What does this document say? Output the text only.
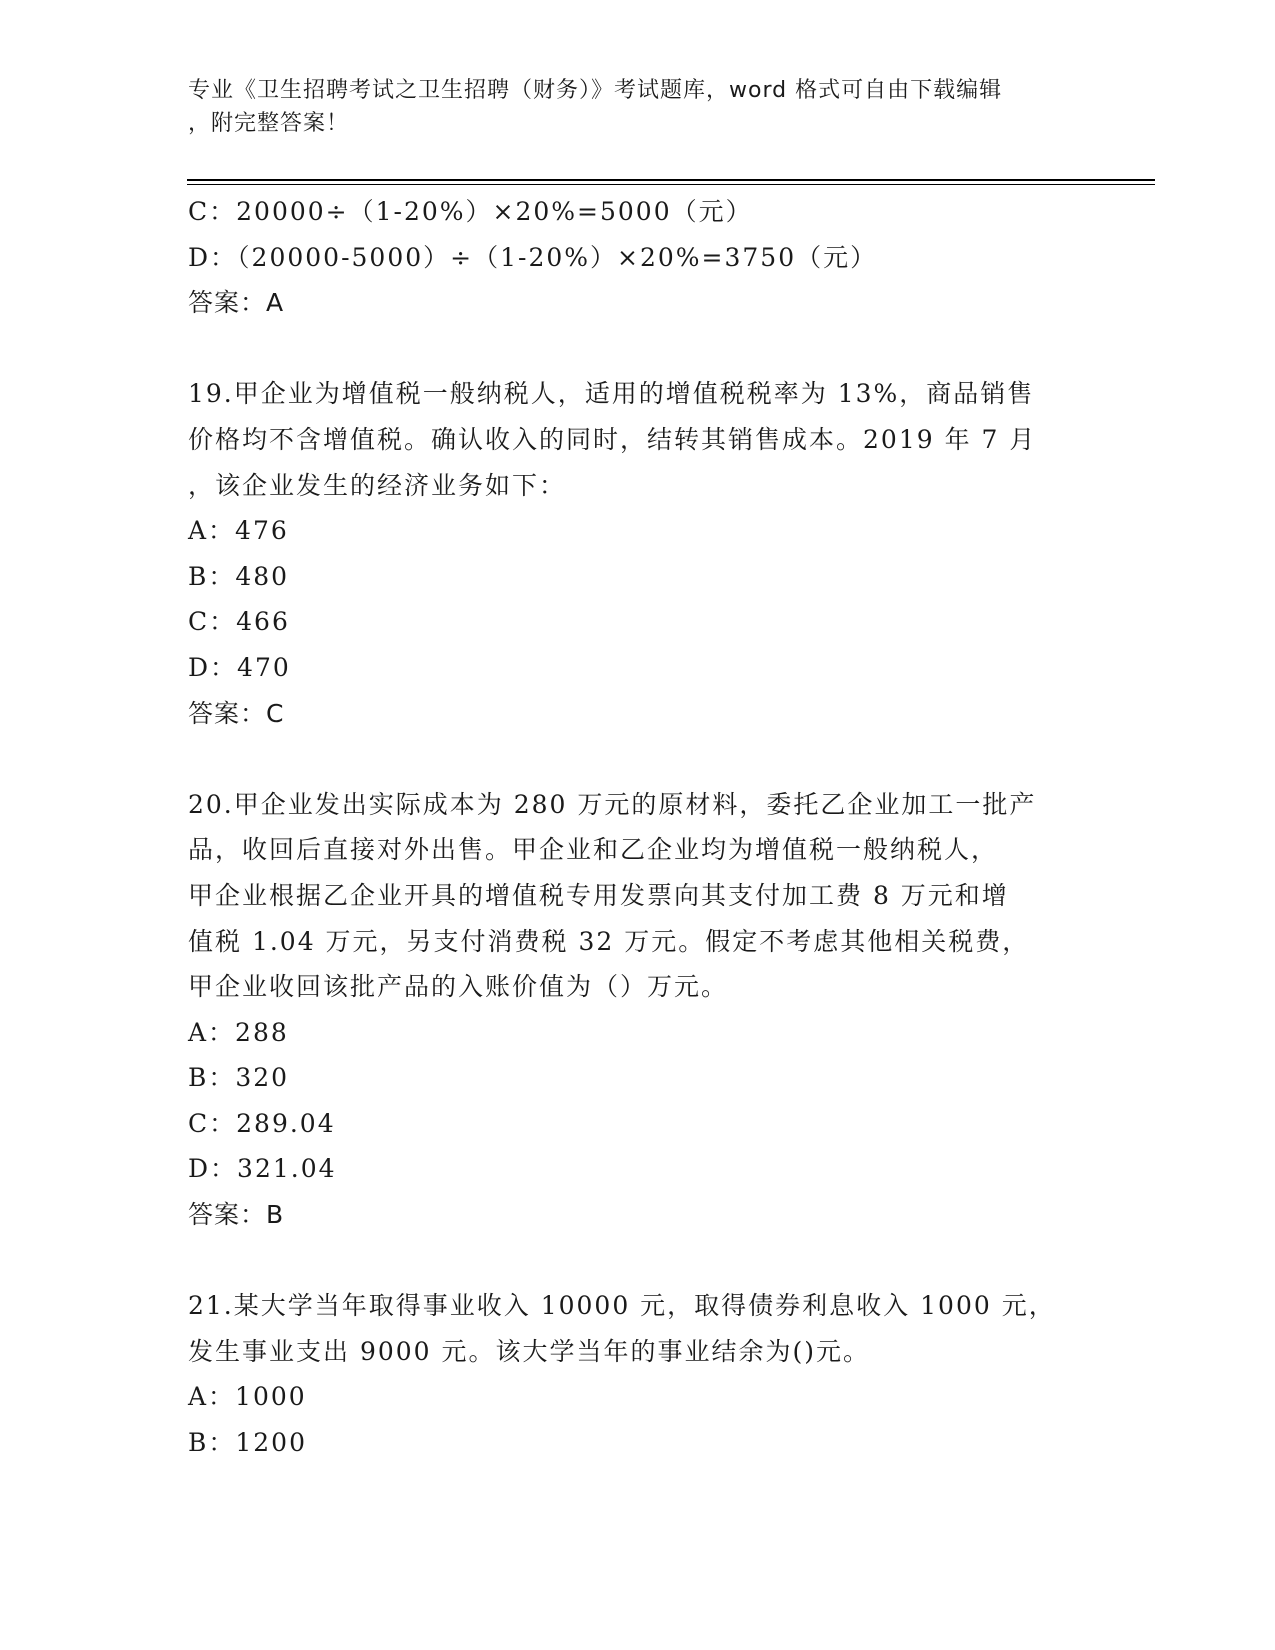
专业《卫生招聘考试之卫生招聘（财务）》考试题库，word 格式可自由下载编辑
，附完整答案！
C：20000÷（1-20%）×20%=5000（元）
D：（20000-5000）÷（1-20%）×20%=3750（元）
答案：A
19.甲企业为增值税一般纳税人，适用的增值税税率为 13%，商品销售
价格均不含增值税。确认收入的同时，结转其销售成本。2019 年 7 月
，该企业发生的经济业务如下：
A：476
B：480
C：466
D：470
答案：C
20.甲企业发出实际成本为 280 万元的原材料，委托乙企业加工一批产
品，收回后直接对外出售。甲企业和乙企业均为增值税一般纳税人，
甲企业根据乙企业开具的增值税专用发票向其支付加工费 8 万元和增
值税 1.04 万元，另支付消费税 32 万元。假定不考虑其他相关税费，
甲企业收回该批产品的入账价值为（）万元。
A：288
B：320
C：289.04
D：321.04
答案：B
21.某大学当年取得事业收入 10000 元，取得债券利息收入 1000 元，
发生事业支出 9000 元。该大学当年的事业结余为()元。
A：1000
B：1200
